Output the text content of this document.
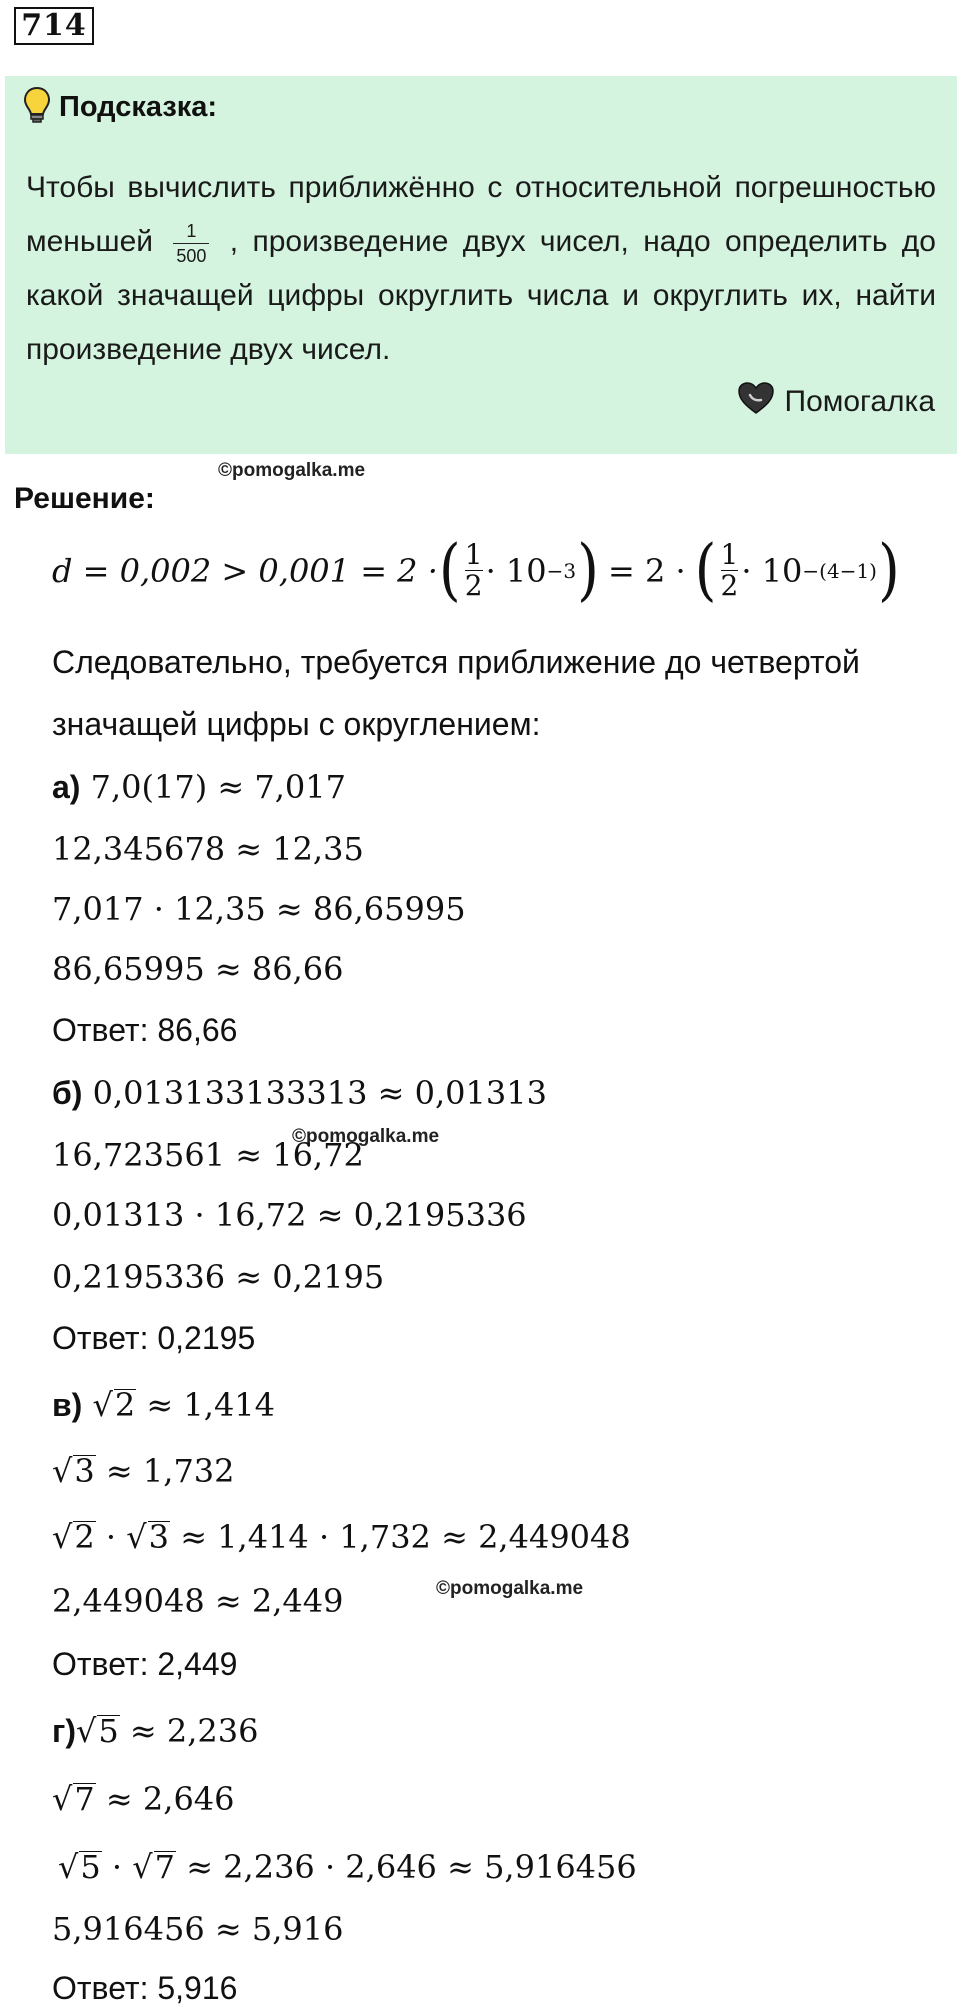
714
Подсказка:
Чтобы вычислить приближённо с относительной погрешностью меньшей $\frac{1}{500}$ , произведение двух чисел, надо определить до какой значащей цифры округлить числа и округлить их, найти произведение двух чисел.
Помогалка
©pomogalka.me
Решение:
d = 0,002 > 0,001 = 2 · ( $\frac{1}{2} \cdot 10 -3$ ) = 2 · ( $\frac{1}{2} \cdot 10 -(4-1)$ )
Следовательно, требуется приближение до четвертой
значащей цифры с округлением:
а) 7,0(17) ≈ 7,017
12,345678 ≈ 12,35
7,017 · 12,35 ≈ 86,65995
86,65995 ≈ 86,66
Ответ: 86,66
б) 0,013133133313 ≈ 0,01313
©pomogalka.me
16,723561 ≈ 16,72
0,01313 · 16,72 ≈ 0,2195336
0,2195336 ≈ 0,2195
Ответ: 0,2195
в) √2 ≈ 1,414
√3 ≈ 1,732
√2 · √3 ≈ 1,414 · 1,732 ≈ 2,449048
©pomogalka.me
2,449048 ≈ 2,449
Ответ: 2,449
г)√5 ≈ 2,236
√7 ≈ 2,646
√5 · √7 ≈ 2,236 · 2,646 ≈ 5,916456
5,916456 ≈ 5,916
Ответ: 5,916
